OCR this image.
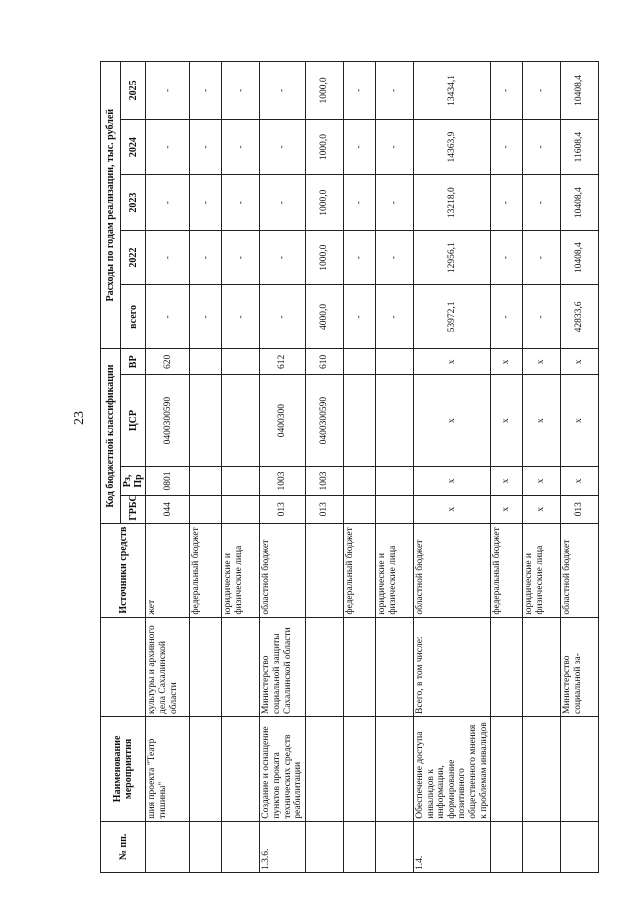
23
№ пп.	Наименование мероприятия		Источники средств	Код бюджетной классификации				Расходы по годам реализации, тыс. рублей				
				ГРБС	Рз, Пр	ЦСР	ВР	всего	2022	2023	2024	2025
	шия проекта "Театр тишины"	культуры и архивного дела Сахалинской области	жет	044	0801	0400300590	620	-	-	-	-	-
			федеральный бюджет					-	-	-	-	-
			юридические и физические лица					-	-	-	-	-
1.3.6.	Создание и оснащение пунктов проката технических средств реабилитации	Министерство социальной защиты Сахалинской области	областной бюджет	013	1003	0400300	612	-	-	-	-	-
				013	1003	0400300590	610	4000,0	1000,0	1000,0	1000,0	1000,0
			федеральный бюджет					-	-	-	-	-
			юридические и физические лица					-	-	-	-	-
1.4.	Обеспечение доступа инвалидов к информации, формирование позитивного общественного мнения к проблемам инвалидов	Всего, в том числе:	областной бюджет	x	x	x	x	53972,1	12956,1	13218,0	14363,9	13434,1
			федеральный бюджет	x	x	x	x	-	-	-	-	-
			юридические и физические лица	x	x	x	x	-	-	-	-	-
		Министерство социальной за-	областной бюджет	013	x	x	x	42833,6	10408,4	10408,4	11608,4	10408,4
